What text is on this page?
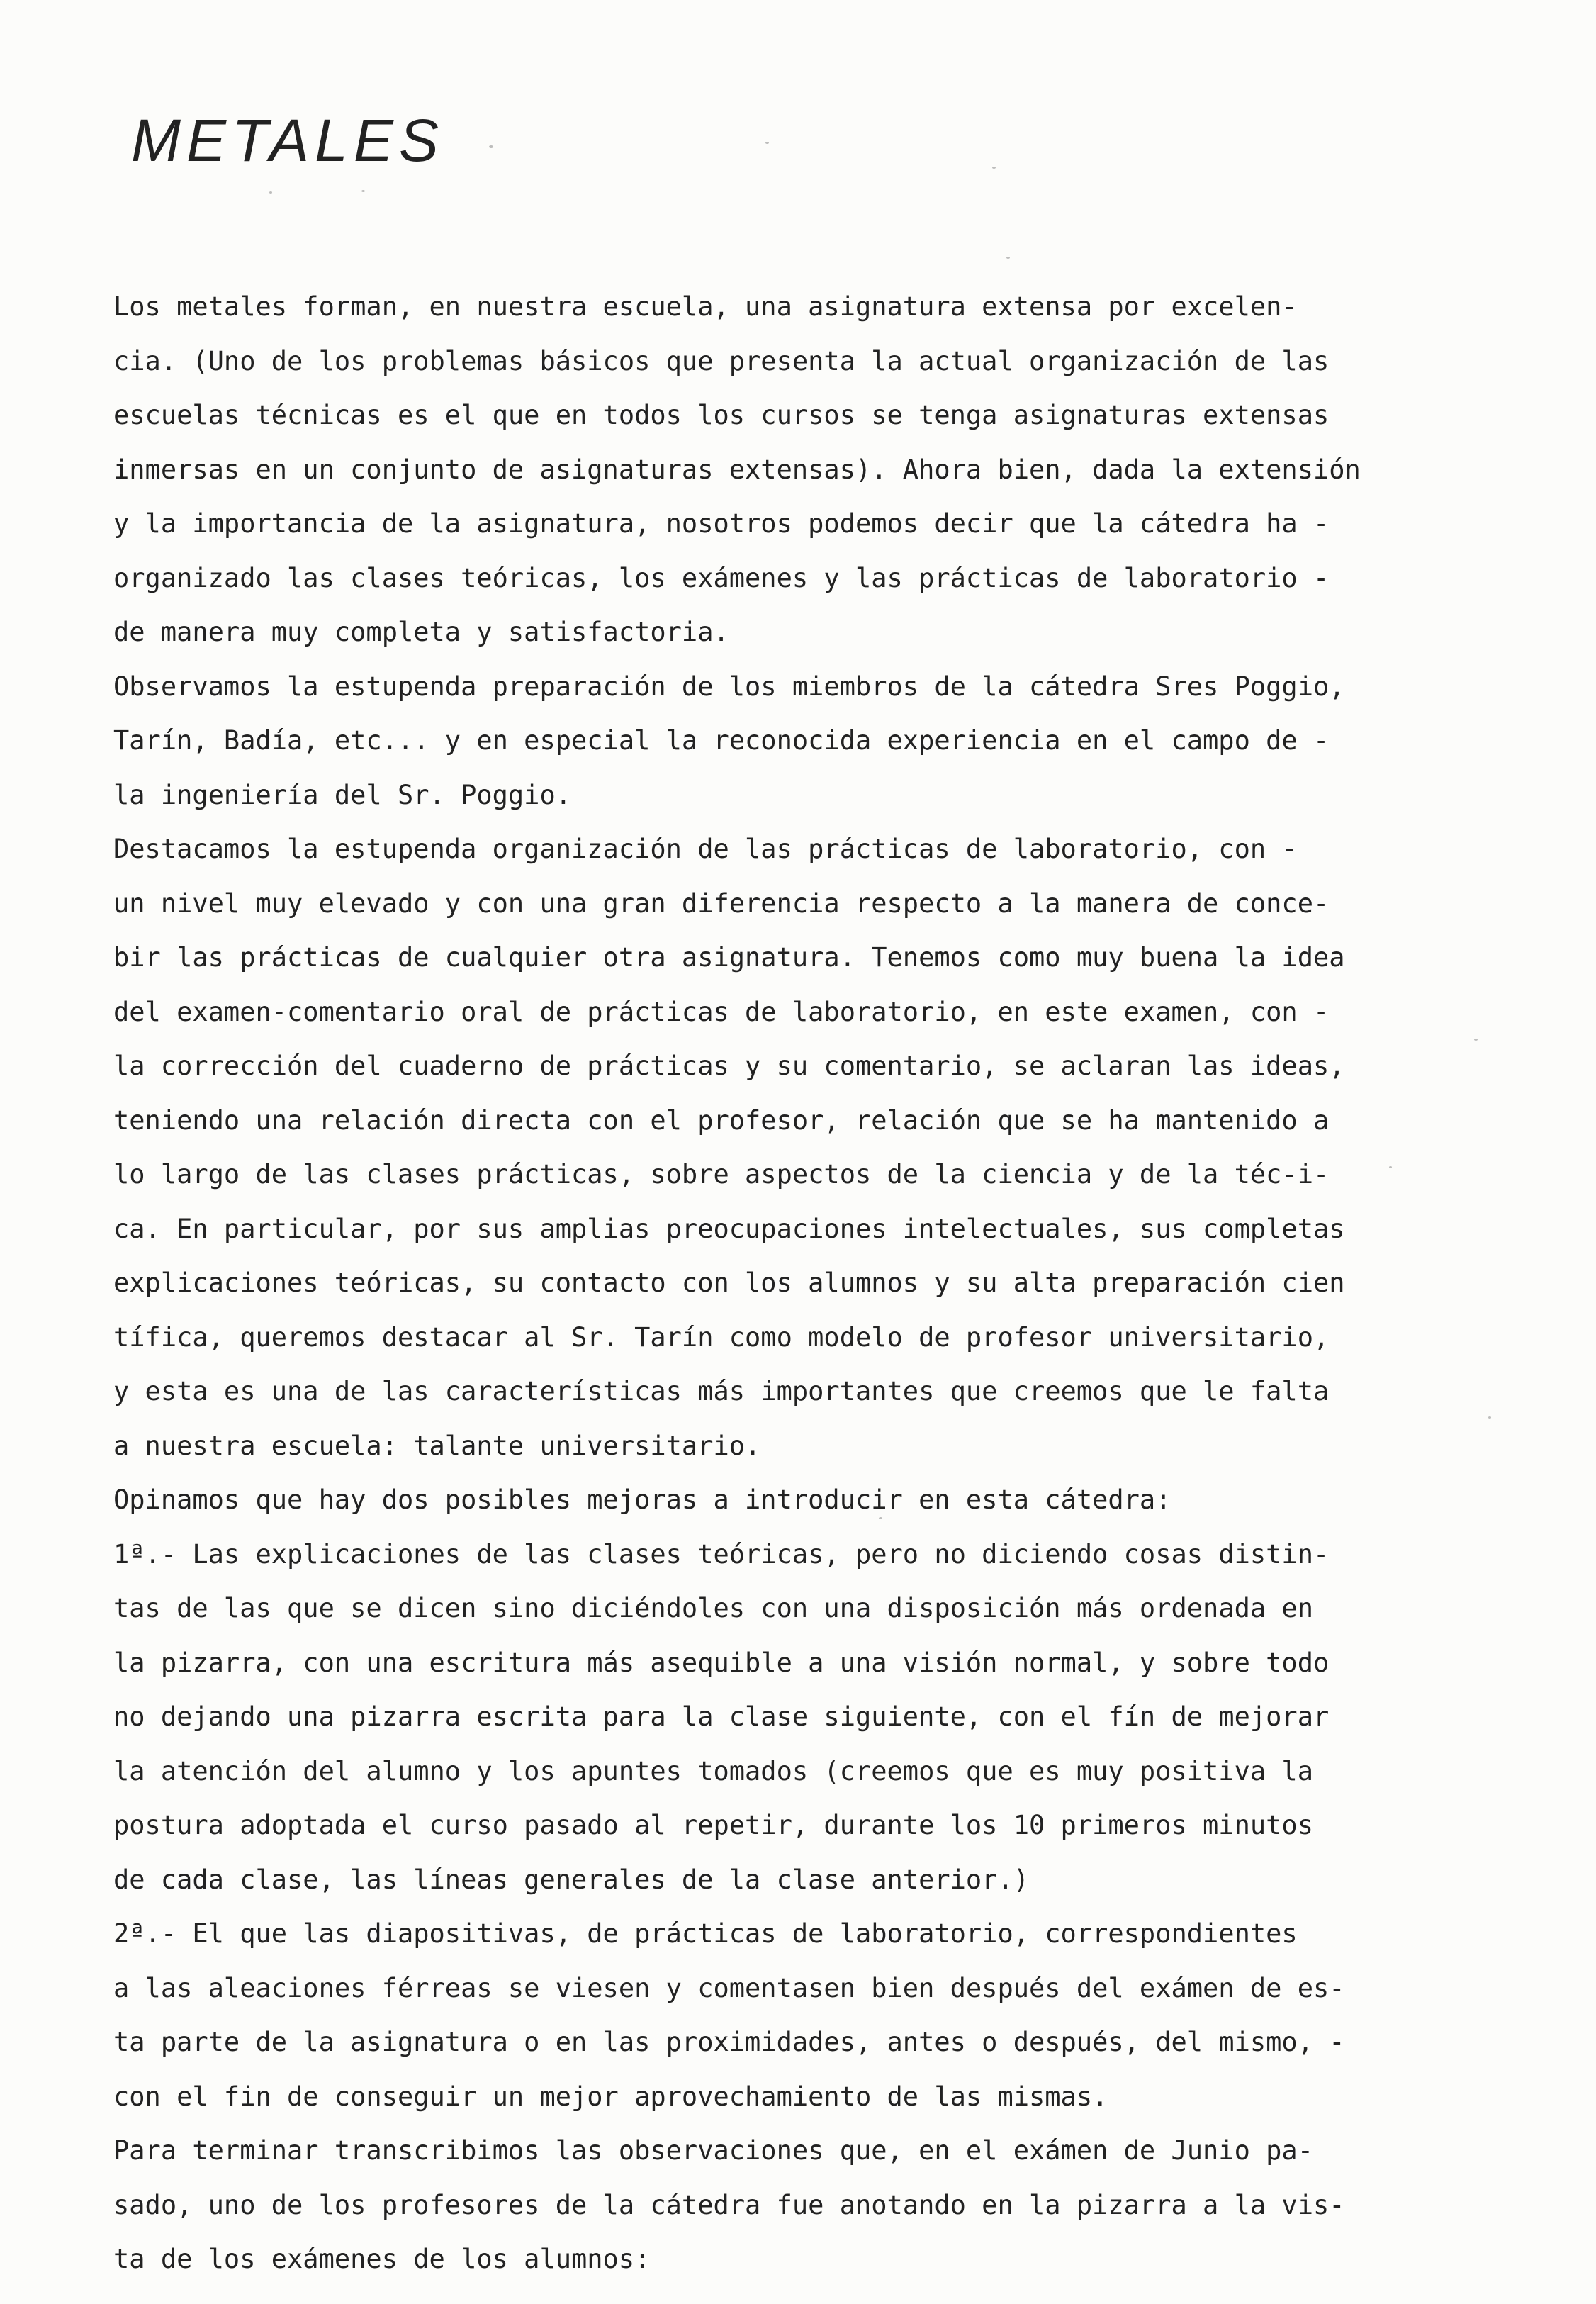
METALES
Los metales forman, en nuestra escuela, una asignatura extensa por excelen-
cia. (Uno de los problemas básicos que presenta la actual organización de las
escuelas técnicas es el que en todos los cursos se tenga asignaturas extensas
inmersas en un conjunto de asignaturas extensas). Ahora bien, dada la extensión
y la importancia de la asignatura, nosotros podemos decir que la cátedra ha -
organizado las clases teóricas, los exámenes y las prácticas de laboratorio -
de manera muy completa y satisfactoria.
Observamos la estupenda preparación de los miembros de la cátedra Sres Poggio,
Tarín, Badía, etc... y en especial la reconocida experiencia en el campo de -
la ingeniería del Sr. Poggio.
Destacamos la estupenda organización de las prácticas de laboratorio, con -
un nivel muy elevado y con una gran diferencia respecto a la manera de conce-
bir las prácticas de cualquier otra asignatura. Tenemos como muy buena la idea
del examen-comentario oral de prácticas de laboratorio, en este examen, con -
la corrección del cuaderno de prácticas y su comentario, se aclaran las ideas,
teniendo una relación directa con el profesor, relación que se ha mantenido a
lo largo de las clases prácticas, sobre aspectos de la ciencia y de la téc-i-
ca. En particular, por sus amplias preocupaciones intelectuales, sus completas
explicaciones teóricas, su contacto con los alumnos y su alta preparación cien
tífica, queremos destacar al Sr. Tarín como modelo de profesor universitario,
y esta es una de las características más importantes que creemos que le falta
a nuestra escuela: talante universitario.
Opinamos que hay dos posibles mejoras a introducir en esta cátedra:
1ª.- Las explicaciones de las clases teóricas, pero no diciendo cosas distin-
tas de las que se dicen sino diciéndoles con una disposición más ordenada en
la pizarra, con una escritura más asequible a una visión normal, y sobre todo
no dejando una pizarra escrita para la clase siguiente, con el fín de mejorar
la atención del alumno y los apuntes tomados (creemos que es muy positiva la
postura adoptada el curso pasado al repetir, durante los 10 primeros minutos
de cada clase, las líneas generales de la clase anterior.)
2ª.- El que las diapositivas, de prácticas de laboratorio, correspondientes
a las aleaciones férreas se viesen y comentasen bien después del exámen de es-
ta parte de la asignatura o en las proximidades, antes o después, del mismo, -
con el fin de conseguir un mejor aprovechamiento de las mismas.
Para terminar transcribimos las observaciones que, en el exámen de Junio pa-
sado, uno de los profesores de la cátedra fue anotando en la pizarra a la vis-
ta de los exámenes de los alumnos:
